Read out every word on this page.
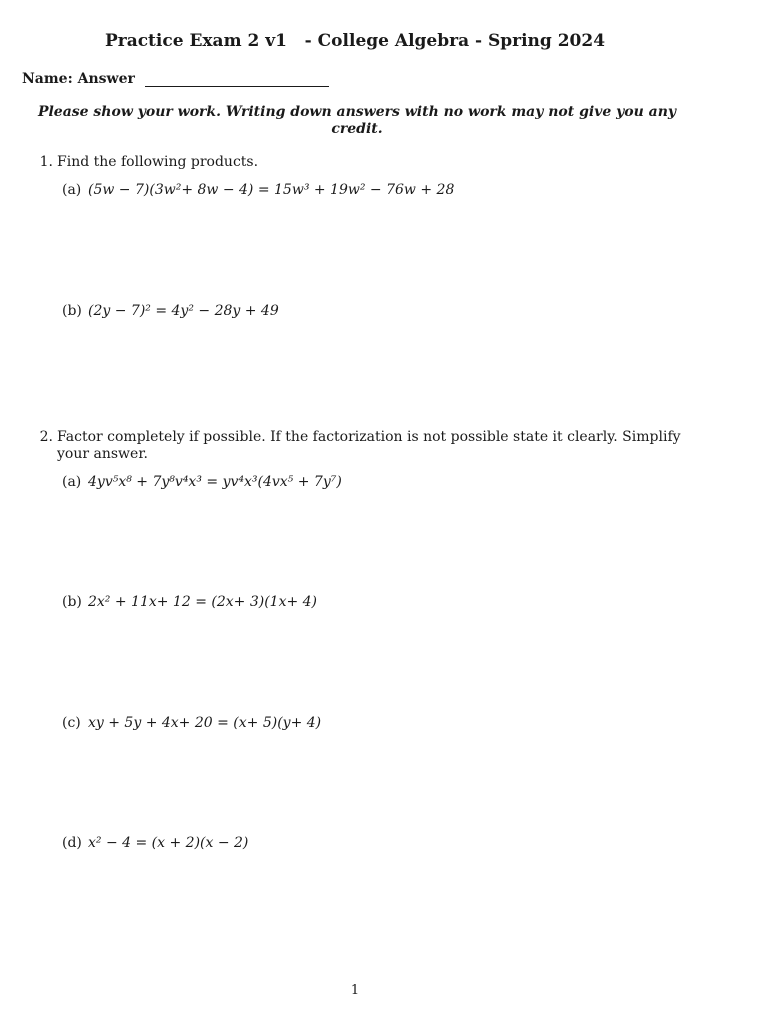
Practice Exam 2 v1   - College Algebra - Spring 2024
Name: Answer
Please show your work. Writing down answers with no work may not give you any credit.
1. Find the following products.
(a) (5w − 7)(3w²+ 8w − 4) = 15w³ + 19w² − 76w + 28
(b) (2y − 7)² = 4y² − 28y + 49
2. Factor completely if possible. If the factorization is not possible state it clearly. Simplify your answer.
(a) 4yv⁵x⁸ + 7y⁸v⁴x³ = yv⁴x³(4vx⁵ + 7y⁷)
(b) 2x² + 11x+ 12 = (2x+ 3)(1x+ 4)
(c) xy + 5y + 4x+ 20 = (x+ 5)(y+ 4)
(d) x² − 4 = (x + 2)(x − 2)
1
